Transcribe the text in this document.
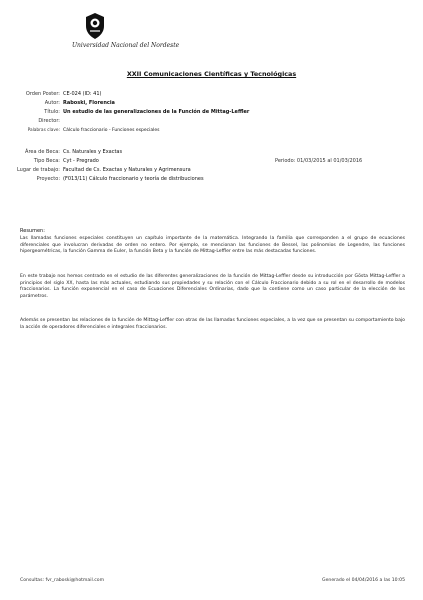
Universidad Nacional del Nordeste
XXII Comunicaciones Científicas y Tecnológicas
Orden Poster: CE-024 (ID: 41)
Autor: Raboski, Florencia
Título: Un estudio de las generalizaciones de la Función de Mittag-Leffler
Director:
Palabras clave: Cálculo fraccionario - Funciones especiales
Área de Beca: Cs. Naturales y Exactas
Tipo Beca: Cyt - Pregrado	Periodo: 01/03/2015 al 01/03/2016
Lugar de trabajo: Facultad de Cs. Exactas y Naturales y Agrimensura
Proyecto: (F013/11) Cálculo fraccionario y teoría de distribuciones
Resumen:
Las llamadas funciones especiales constituyen un capítulo importante de la matemática. Integrando la familia que corresponden a el grupo de ecuaciones diferenciales que involucran derivadas de orden no entero. Por ejemplo, se mencionan las funciones de Bessel, las polinomios de Legendre, las funciones hipergeométricas, la función Gamma de Euler, la función Beta y la función de Mittag-Leffler entre las más destacadas funciones.
En este trabajo nos hemos centrado en el estudio de las diferentes generalizaciones de la función de Mittag-Leffler desde su introducción por Gösta Mittag-Leffler a principios del siglo XX, hasta las más actuales, estudiando sus propiedades y su relación con el Cálculo Fraccionario debido a su rol en el desarrollo de modelos fraccionarios. La función exponencial en el caso de Ecuaciones Diferenciales Ordinarias, dado que la contiene como un caso particular de la elección de los parámetros.
Además se presentan las relaciones de la función de Mittag-Leffler con otras de las llamadas funciones especiales, a la vez que se presentan su comportamiento bajo la acción de operadores diferenciales e integrales fraccionarios.
Consultas: fvr_raboski@hotmail.com	Generado el 04/04/2016 a las 10:05
